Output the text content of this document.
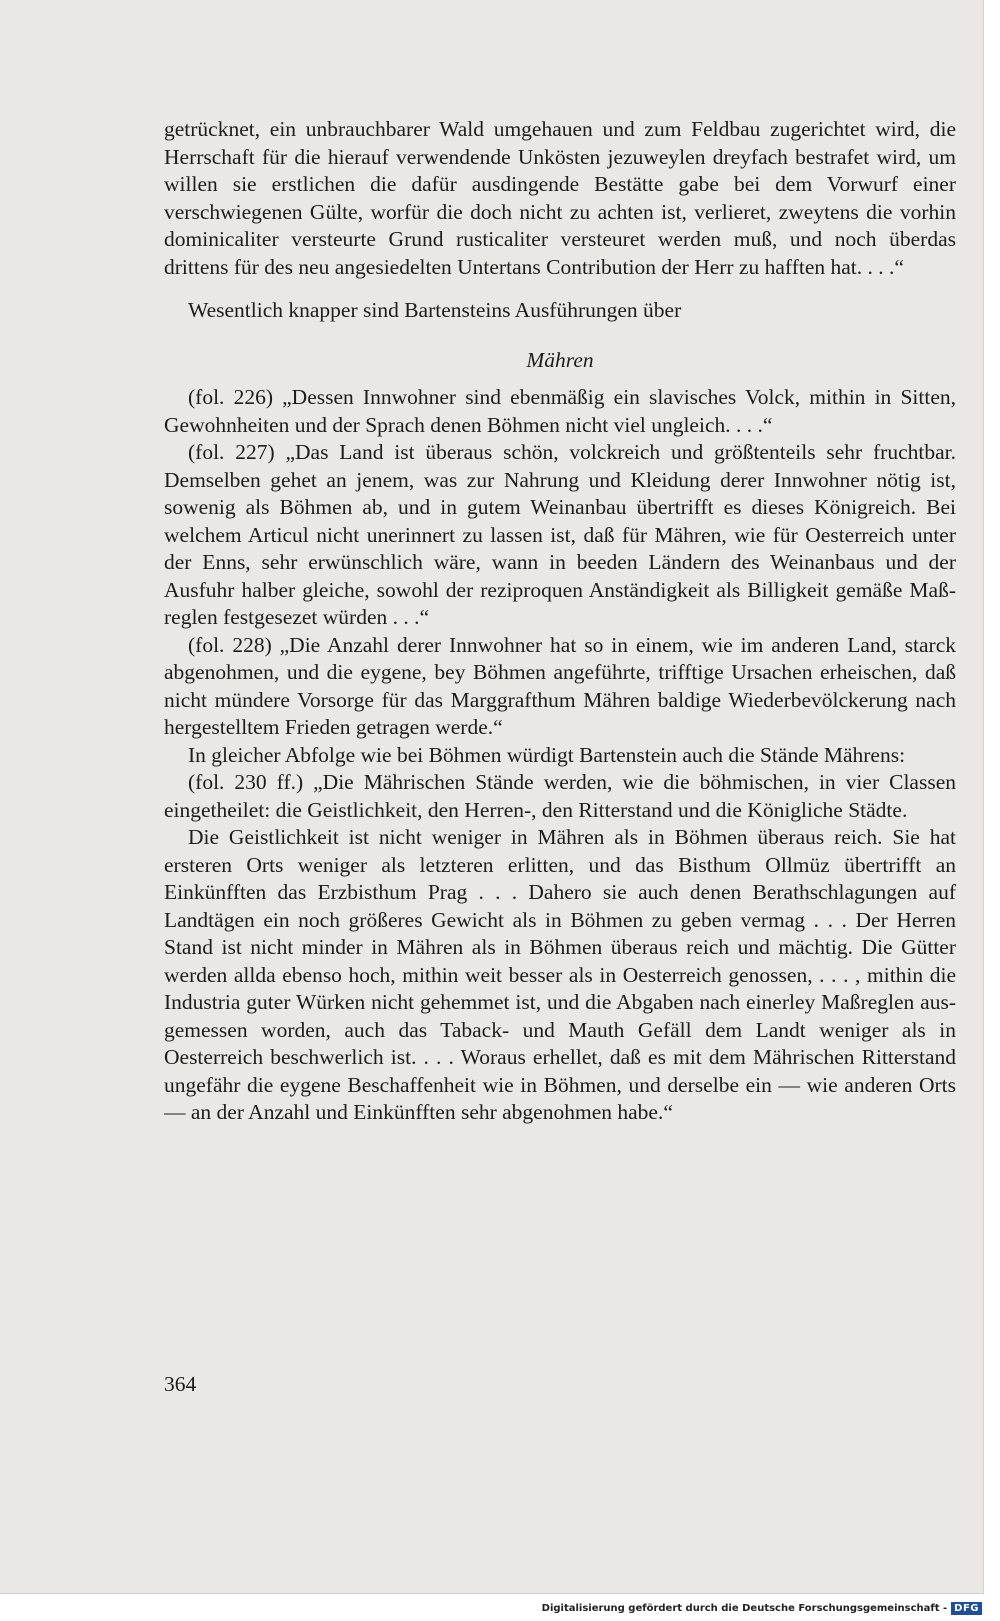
getrücknet, ein unbrauchbarer Wald umgehauen und zum Feldbau zugerichtet wird, die Herrschaft für die hierauf verwendende Unkösten jezuweylen dreyfach bestrafet wird, um willen sie erstlichen die dafür ausdingende Bestätte gabe bei dem Vorwurf einer verschwiegenen Gülte, worfür die doch nicht zu achten ist, verlieret, zweytens die vorhin dominicaliter versteurte Grund rusticaliter versteuret werden muß, und noch überdas drittens für des neu angesiedelten Untertans Contribution der Herr zu hafften hat. . . .“

Wesentlich knapper sind Bartensteins Ausführungen über

Mähren

(fol. 226) „Dessen Innwohner sind ebenmäßig ein slavisches Volck, mithin in Sitten, Gewohnheiten und der Sprach denen Böhmen nicht viel ungleich. . . .“

(fol. 227) „Das Land ist überaus schön, volckreich und größtenteils sehr fruchtbar. Demselben gehet an jenem, was zur Nahrung und Kleidung derer Innwohner nötig ist, sowenig als Böhmen ab, und in gutem Weinanbau übertrifft es dieses Königreich. Bei welchem Articul nicht unerinnert zu lassen ist, daß für Mähren, wie für Oesterreich unter der Enns, sehr erwünschlich wäre, wann in beeden Ländern des Weinanbaus und der Ausfuhr halber gleiche, sowohl der reziproquen Anständigkeit als Billigkeit gemäße Maßreglen festgesezet würden . . .“

(fol. 228) „Die Anzahl derer Innwohner hat so in einem, wie im anderen Land, starck abgenohmen, und die eygene, bey Böhmen angeführte, trifftige Ursachen erheischen, daß nicht mündere Vorsorge für das Marggrafthum Mähren baldige Wiederbevölckerung nach hergestelltem Frieden getragen werde.“

In gleicher Abfolge wie bei Böhmen würdigt Bartenstein auch die Stände Mährens:

(fol. 230 ff.) „Die Mährischen Stände werden, wie die böhmischen, in vier Classen eingetheilet: die Geistlichkeit, den Herren-, den Ritterstand und die Königliche Städte.

Die Geistlichkeit ist nicht weniger in Mähren als in Böhmen überaus reich. Sie hat ersteren Orts weniger als letzteren erlitten, und das Bisthum Ollmüz übertrifft an Einkünfften das Erzbisthum Prag . . . Dahero sie auch denen Berathschlagungen auf Landtägen ein noch größeres Gewicht als in Böhmen zu geben vermag . . . Der Herren Stand ist nicht minder in Mähren als in Böhmen überaus reich und mächtig. Die Gütter werden allda ebenso hoch, mithin weit besser als in Oesterreich genossen, . . . , mithin die Industria guter Würken nicht gehemmet ist, und die Abgaben nach einerley Maßreglen ausgemessen worden, auch das Taback- und Mauth Gefäll dem Landt weniger als in Oesterreich beschwerlich ist. . . . Woraus erhellet, daß es mit dem Mährischen Ritterstand ungefähr die eygene Beschaffenheit wie in Böhmen, und derselbe ein — wie anderen Orts — an der Anzahl und Einkünfften sehr abgenohmen habe.“

364
Digitalisierung gefördert durch die Deutsche Forschungsgemeinschaft - DFG
